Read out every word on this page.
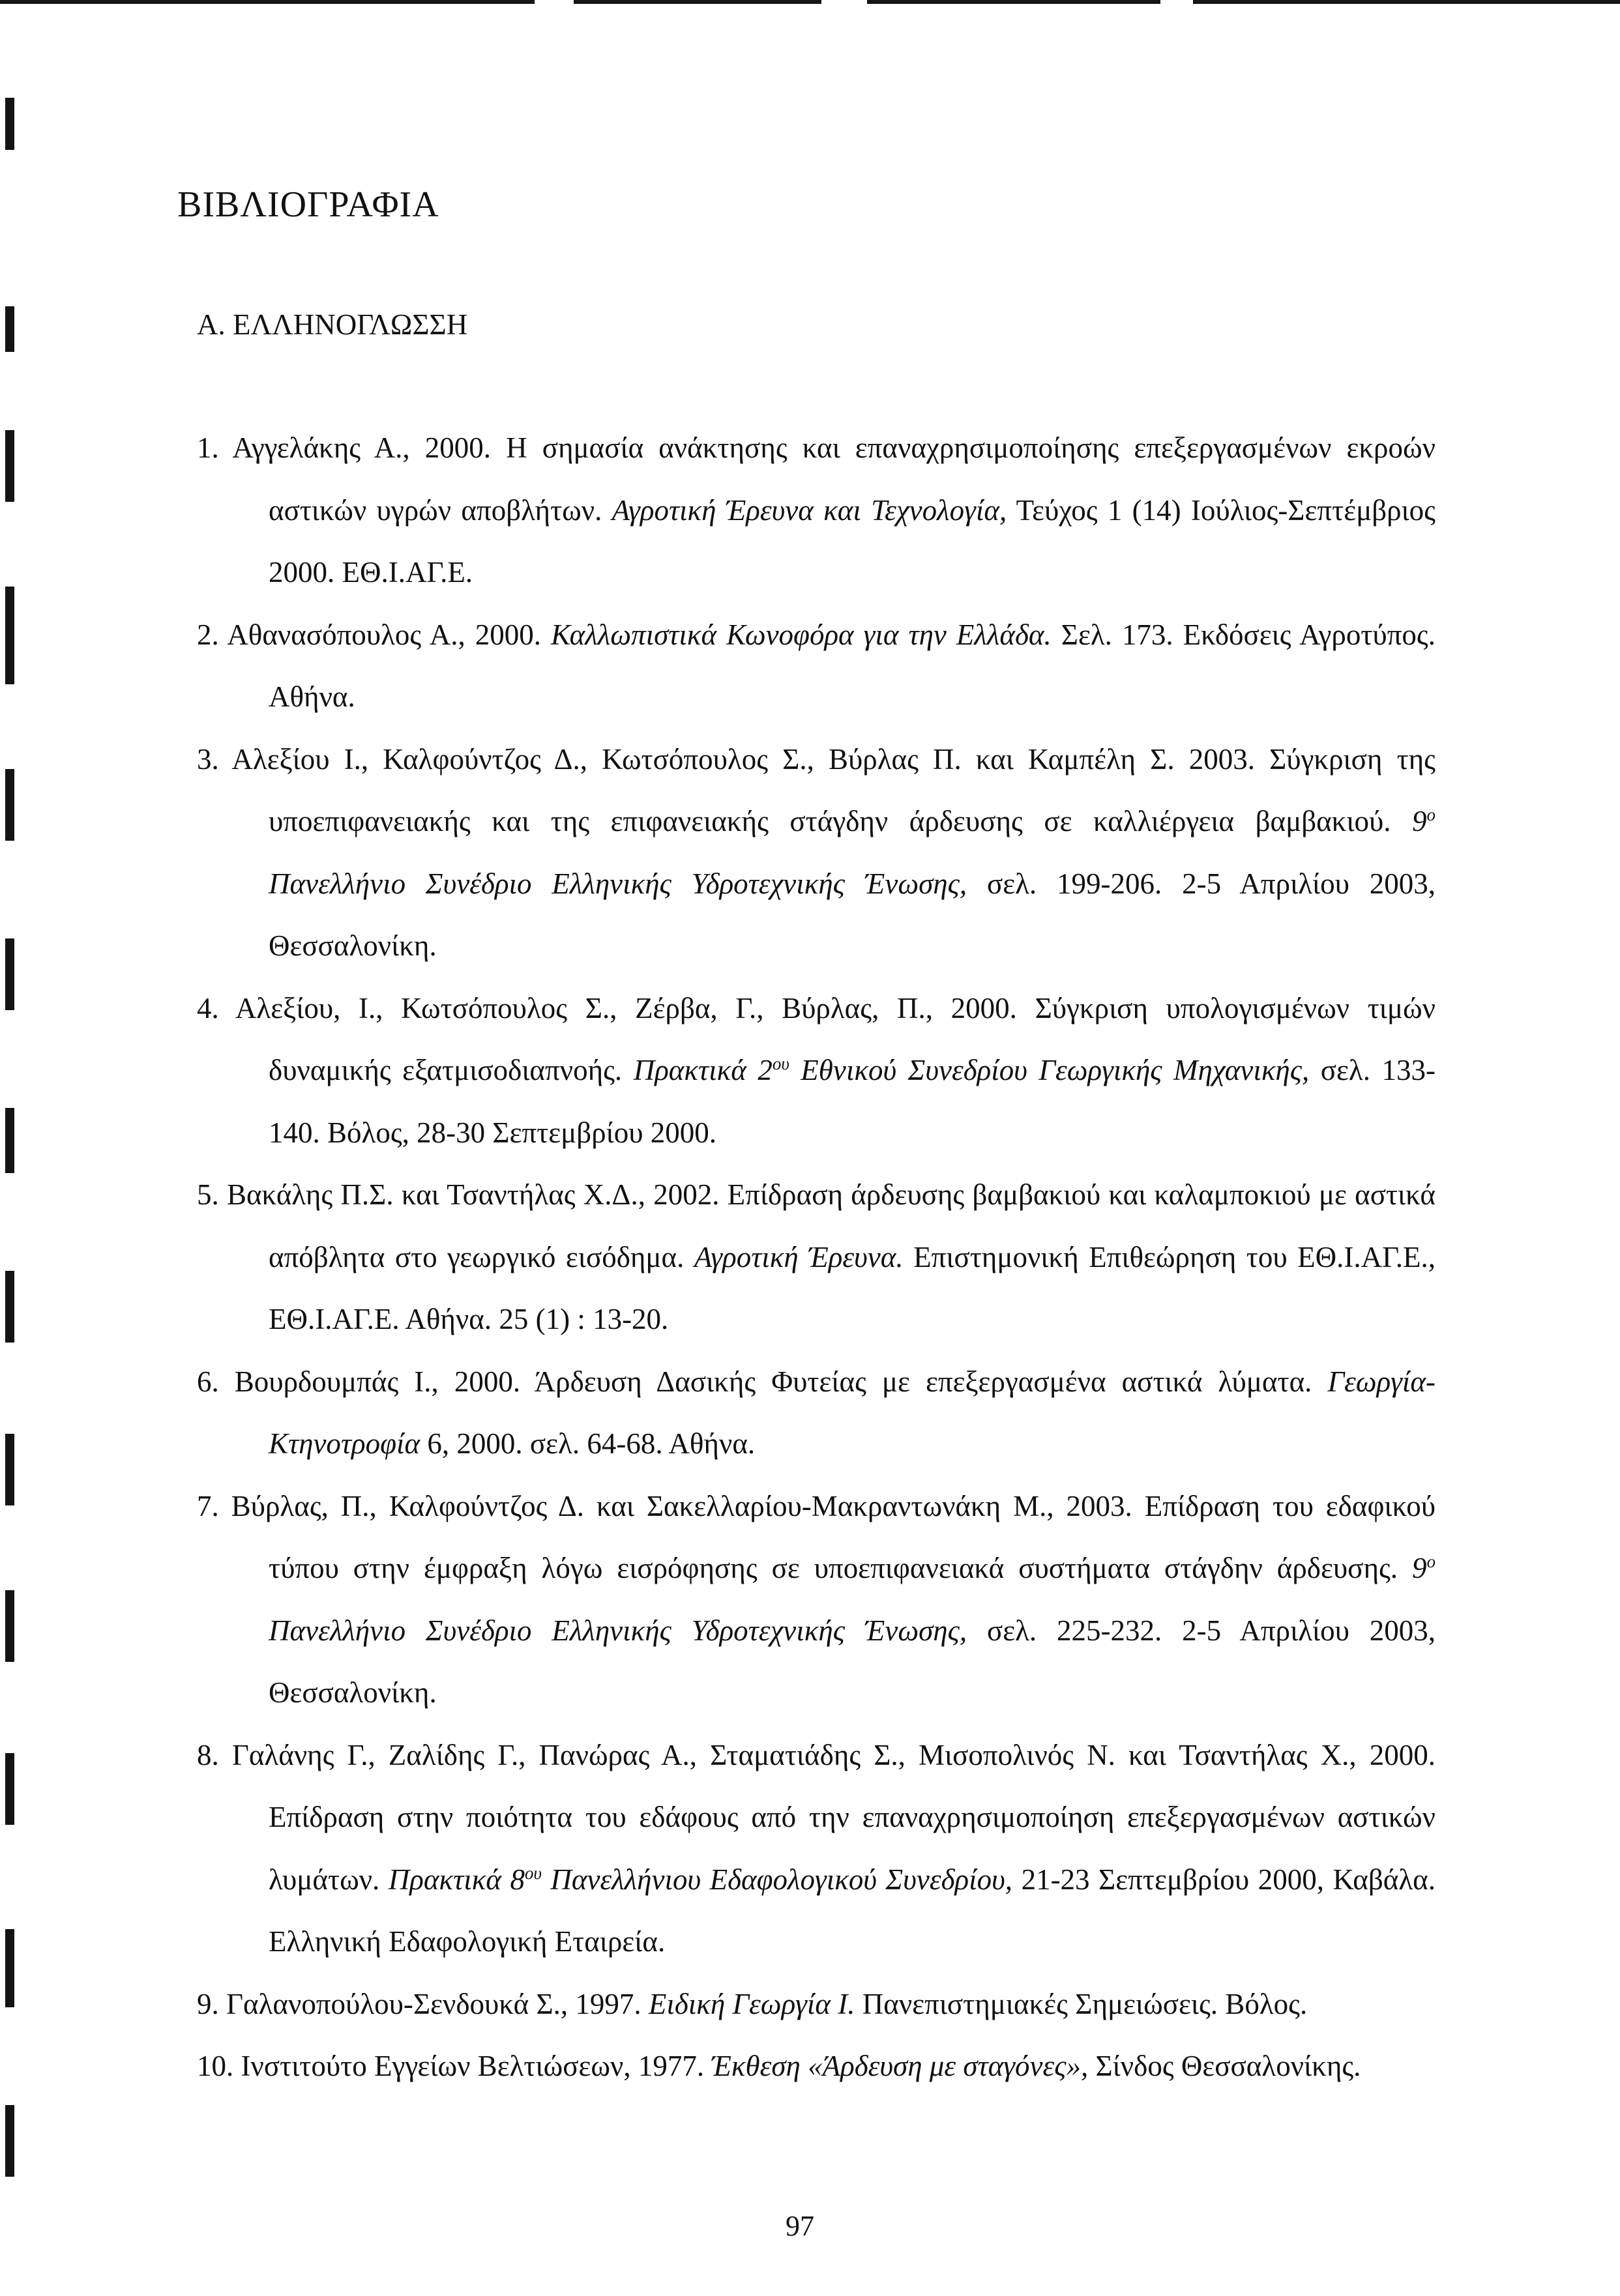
ΒΙΒΛΙΟΓΡΑΦΙΑ
Α. ΕΛΛΗΝΟΓΛΩΣΣΗ

1. Αγγελάκης Α., 2000. Η σημασία ανάκτησης και επαναχρησιμοποίησης επεξεργασμένων εκροών αστικών υγρών αποβλήτων. Αγροτική Έρευνα και Τεχνολογία, Τεύχος 1 (14) Ιούλιος-Σεπτέμβριος 2000. ΕΘ.Ι.ΑΓ.Ε.

2. Αθανασόπουλος Α., 2000. Καλλωπιστικά Κωνοφόρα για την Ελλάδα. Σελ. 173. Εκδόσεις Αγροτύπος. Αθήνα.

3. Αλεξίου Ι., Καλφούντζος Δ., Κωτσόπουλος Σ., Βύρλας Π. και Καμπέλη Σ. 2003. Σύγκριση της υποεπιφανειακής και της επιφανειακής στάγδην άρδευσης σε καλλιέργεια βαμβακιού. 9$^o$ Πανελλήνιο Συνέδριο Ελληνικής Υδροτεχνικής Ένωσης, σελ. 199-206. 2-5 Απριλίου 2003, Θεσσαλονίκη.

4. Αλεξίου, Ι., Κωτσόπουλος Σ., Ζέρβα, Γ., Βύρλας, Π., 2000. Σύγκριση υπολογισμένων τιμών δυναμικής εξατμισοδιαπνοής. Πρακτικά $2^{o\upsilon}$ Εθνικού Συνεδρίου Γεωργικής Μηχανικής, σελ. 133-140. Βόλος, 28-30 Σεπτεμβρίου 2000.

5. Βακάλης Π.Σ. και Τσαντήλας Χ.Δ., 2002. Επίδραση άρδευσης βαμβακιού και καλαμποκιού με αστικά απόβλητα στο γεωργικό εισόδημα. Αγροτική Έρευνα. Επιστημονική Επιθεώρηση του ΕΘ.Ι.ΑΓ.Ε., ΕΘ.Ι.ΑΓ.Ε. Αθήνα. 25 (1) : 13-20.

6. Βουρδουμπάς Ι., 2000. Άρδευση Δασικής Φυτείας με επεξεργασμένα αστικά λύματα. Γεωργία-Κτηνοτροφία 6, 2000. σελ. 64-68. Αθήνα.

7. Βύρλας, Π., Καλφούντζος Δ. και Σακελλαρίου-Μακραντωνάκη Μ., 2003. Επίδραση του εδαφικού τύπου στην έμφραξη λόγω εισρόφησης σε υποεπιφανειακά συστήματα στάγδην άρδευσης. 9$^o$ Πανελλήνιο Συνέδριο Ελληνικής Υδροτεχνικής Ένωσης, σελ. 225-232. 2-5 Απριλίου 2003, Θεσσαλονίκη.

8. Γαλάνης Γ., Ζαλίδης Γ., Πανώρας Α., Σταματιάδης Σ., Μισοπολινός Ν. και Τσαντήλας Χ., 2000. Επίδραση στην ποιότητα του εδάφους από την επαναχρησιμοποίηση επεξεργασμένων αστικών λυμάτων. Πρακτικά $8^{o\upsilon}$ Πανελλήνιου Εδαφολογικού Συνεδρίου, 21-23 Σεπτεμβρίου 2000, Καβάλα. Ελληνική Εδαφολογική Εταιρεία.

9. Γαλανοπούλου-Σενδουκά Σ., 1997. Ειδική Γεωργία Ι. Πανεπιστημιακές Σημειώσεις. Βόλος.

10. Ινστιτούτο Εγγείων Βελτιώσεων, 1977. Έκθεση «Άρδευση με σταγόνες», Σίνδος Θεσσαλονίκης.

97
